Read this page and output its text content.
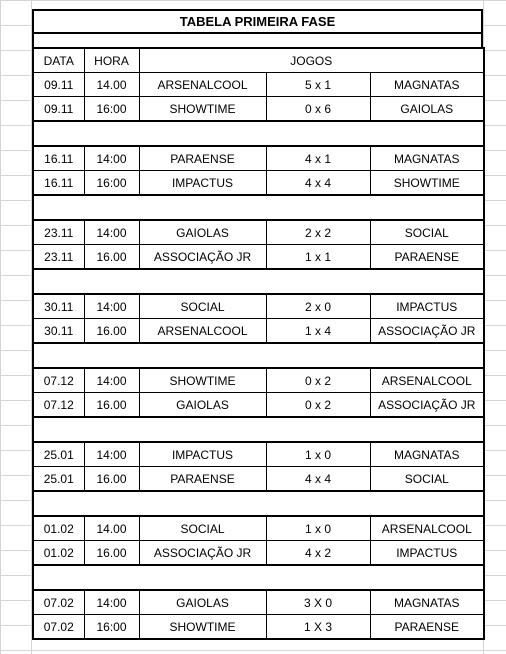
TABELA PRIMEIRA FASE
DATA	HORA	JOGOS		
09.11	14.00	ARSENALCOOL	5 x 1	MAGNATAS
09.11	16:00	SHOWTIME	0 x 6	GAIOLAS

16.11	14:00	PARAENSE	4 x 1	MAGNATAS
16.11	16:00	IMPACTUS	4 x 4	SHOWTIME

23.11	14:00	GAIOLAS	2 x 2	SOCIAL
23.11	16.00	ASSOCIAÇÃO JR	1 x 1	PARAENSE

30.11	14:00	SOCIAL	2 x 0	IMPACTUS
30.11	16.00	ARSENALCOOL	1 x 4	ASSOCIAÇÃO JR

07.12	14:00	SHOWTIME	0 x 2	ARSENALCOOL
07.12	16.00	GAIOLAS	0 x 2	ASSOCIAÇÃO JR

25.01	14:00	IMPACTUS	1 x 0	MAGNATAS
25.01	16.00	PARAENSE	4 x 4	SOCIAL

01.02	14.00	SOCIAL	1 x 0	ARSENALCOOL
01.02	16.00	ASSOCIAÇÃO JR	4 x 2	IMPACTUS

07.02	14:00	GAIOLAS	3 X 0	MAGNATAS
07.02	16:00	SHOWTIME	1 X 3	PARAENSE
